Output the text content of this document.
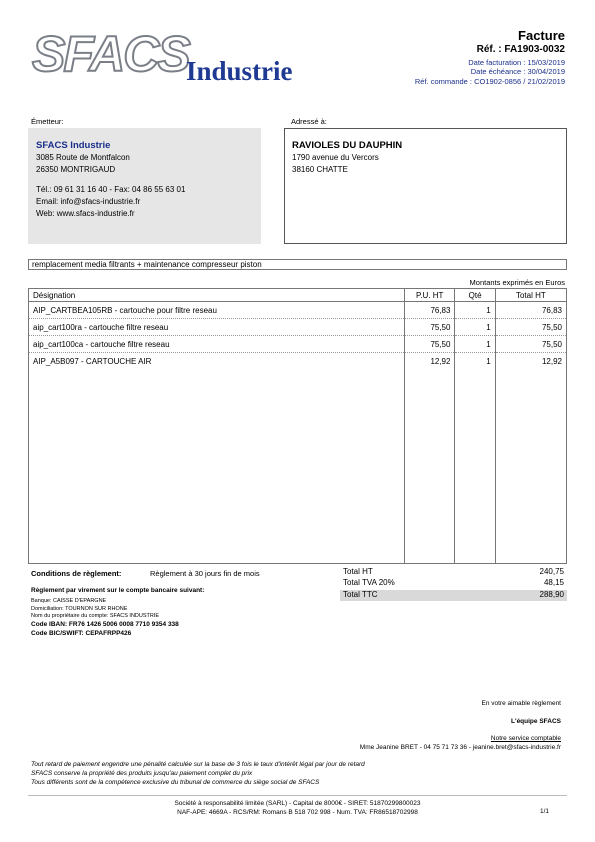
SFACS
Industrie
Facture
Réf. : FA1903-0032
Date facturation : 15/03/2019
Date échéance : 30/04/2019
Réf. commande : CO1902-0856 / 21/02/2019
Émetteur:
SFACS Industrie
3085 Route de Montfalcon
26350 MONTRIGAUD
Tél.: 09 61 31 16 40 - Fax: 04 86 55 63 01
Email: info@sfacs-industrie.fr
Web: www.sfacs-industrie.fr
Adressé à:
RAVIOLES DU DAUPHIN
1790 avenue du Vercors
38160 CHATTE
remplacement media filtrants + maintenance compresseur piston
Montants exprimés en Euros
Désignation	P.U. HT	Qté	Total HT
AIP_CARTBEA105RB - cartouche pour filtre reseau	76,83	1	76,83
aip_cart100ra - cartouche filtre reseau	75,50	1	75,50
aip_cart100ca - cartouche filtre reseau	75,50	1	75,50
AIP_A5B097 - CARTOUCHE AIR	12,92	1	12,92

Conditions de règlement:	Règlement à 30 jours fin de mois
Règlement par virement sur le compte bancaire suivant:
Banque: CAISSE D'EPARGNE
Domiciliation: TOURNON SUR RHONE
Nom du propriétaire du compte: SFACS INDUSTRIE
Code IBAN: FR76 1426 5006 0008 7710 9354 338
Code BIC/SWIFT: CEPAFRPP426
Total HT	240,75
Total TVA 20%	48,15
Total TTC	288,90
En votre aimable règlement
L'équipe SFACS
Notre service comptable
Mme Jeanine BRET - 04 75 71 73 36 - jeanine.bret@sfacs-industrie.fr
Tout retard de paiement engendre une pénalité calculée sur la base de 3 fois le taux d'intérêt légal par jour de retard
SFACS conserve la propriété des produits jusqu'au paiement complet du prix
Tous différents sont de la compétence exclusive du tribunal de commerce du siège social de SFACS
Société à responsabilité limitée (SARL) - Capital de 8000€ - SIRET: 51870299800023
NAF-APE: 4669A - RCS/RM: Romans B 518 702 998 - Num. TVA: FR86518702998	1/1
